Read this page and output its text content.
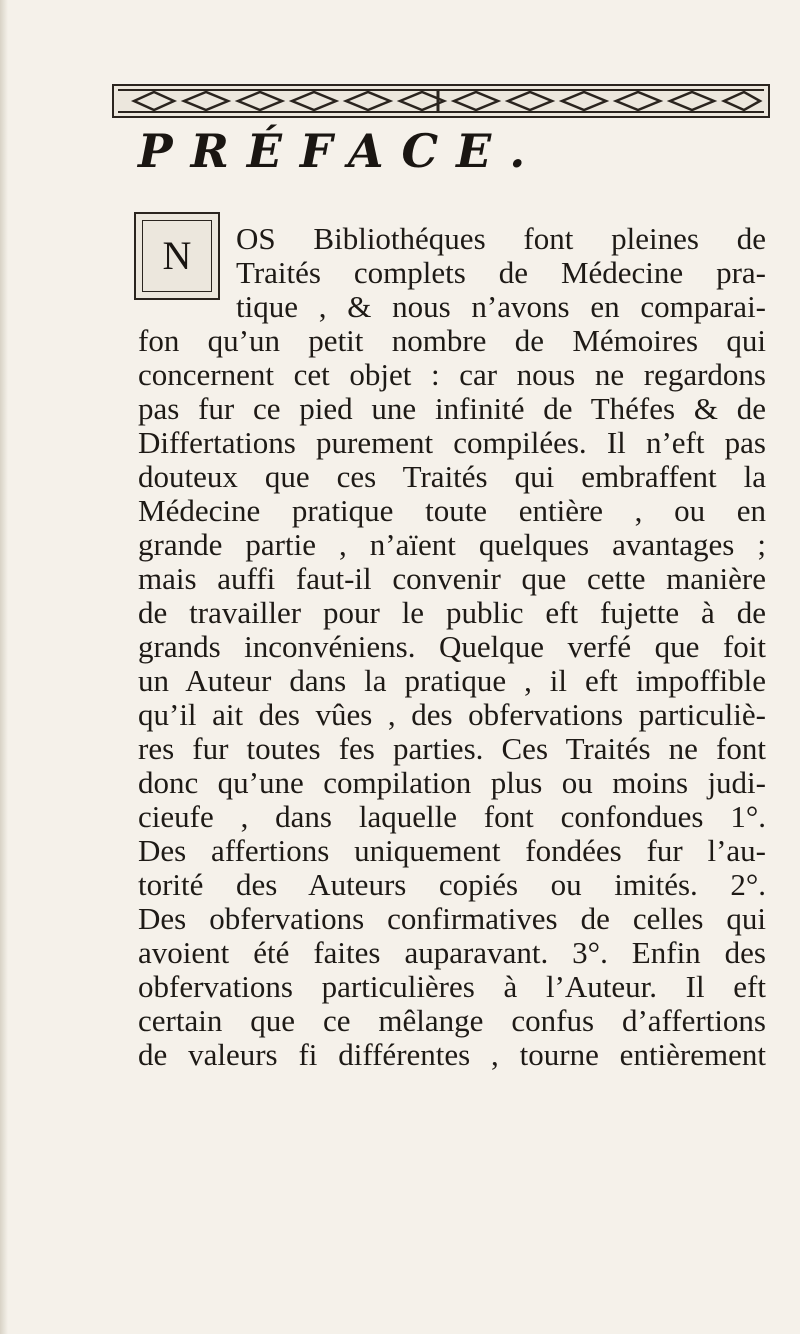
PRÉFACE.
N OS Bibliothéques font pleines de

Traités complets de Médecine pra-

tique , & nous n’avons en comparai-

fon qu’un petit nombre de Mémoires qui

concernent cet objet : car nous ne regardons

pas fur ce pied une infinité de Théfes & de

Differtations purement compilées. Il n’eft pas

douteux que ces Traités qui embraffent la

Médecine pratique toute entière , ou en

grande partie , n’aïent quelques avantages ;

mais auffi faut-il convenir que cette manière

de travailler pour le public eft fujette à de

grands inconvéniens. Quelque verfé que foit

un Auteur dans la pratique , il eft impoffible

qu’il ait des vûes , des obfervations particuliè-

res fur toutes fes parties. Ces Traités ne font

donc qu’une compilation plus ou moins judi-

cieufe , dans laquelle font confondues 1°.

Des affertions uniquement fondées fur l’au-

torité des Auteurs copiés ou imités. 2°.

Des obfervations confirmatives de celles qui

avoient été faites auparavant. 3°. Enfin des

obfervations particulières à l’Auteur. Il eft

certain que ce mêlange confus d’affertions

de valeurs fi différentes , tourne entièrement
